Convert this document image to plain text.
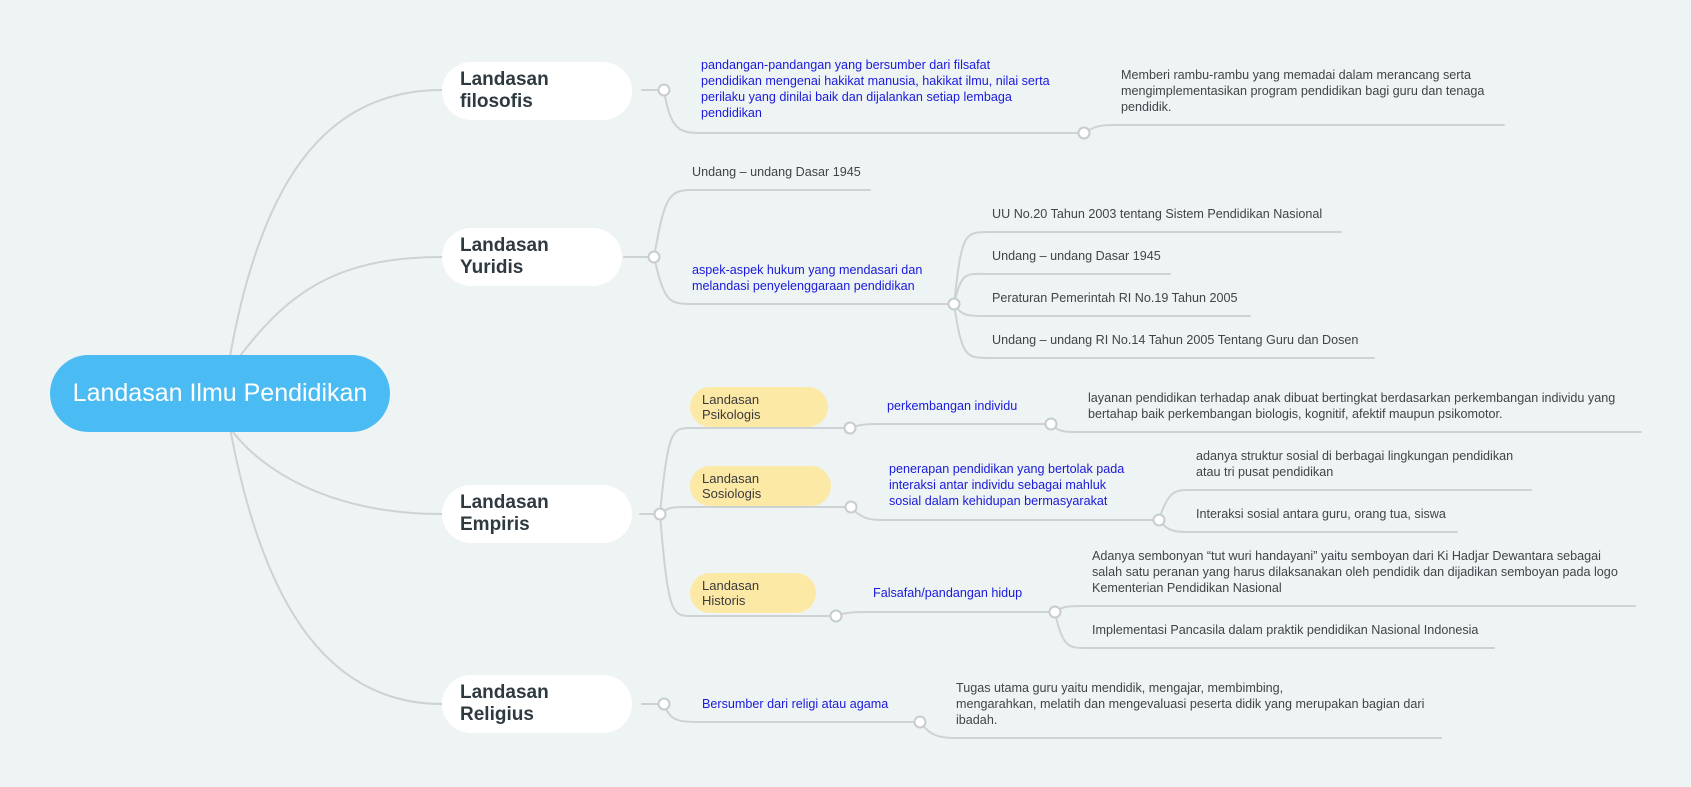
Landasan Ilmu Pendidikan
Landasan filosofis
pandangan-pandangan yang bersumber dari filsafat
pendidikan mengenai hakikat manusia, hakikat ilmu, nilai serta
perilaku yang dinilai baik dan dijalankan setiap lembaga
pendidikan
Memberi rambu-rambu yang memadai dalam merancang serta
mengimplementasikan program pendidikan bagi guru dan tenaga
pendidik.
Landasan Yuridis
Undang – undang Dasar 1945
aspek-aspek hukum yang mendasari dan
melandasi penyelenggaraan pendidikan
UU No.20 Tahun 2003 tentang Sistem Pendidikan Nasional
Undang – undang Dasar 1945
Peraturan Pemerintah RI No.19 Tahun 2005
Undang – undang RI No.14 Tahun 2005 Tentang Guru dan Dosen
Landasan Empiris
Landasan Psikologis
perkembangan individu
layanan pendidikan terhadap anak dibuat bertingkat berdasarkan perkembangan individu yang
bertahap baik perkembangan biologis, kognitif, afektif maupun psikomotor.
Landasan Sosiologis
penerapan pendidikan yang bertolak pada
interaksi antar individu sebagai mahluk
sosial dalam kehidupan bermasyarakat
adanya struktur sosial di berbagai lingkungan pendidikan
atau tri pusat pendidikan
Interaksi sosial antara guru, orang tua, siswa
Landasan Historis	Falsafah/pandangan hidup
Adanya sembonyan “tut wuri handayani” yaitu semboyan dari Ki Hadjar Dewantara sebagai
salah satu peranan yang harus dilaksanakan oleh pendidik dan dijadikan semboyan pada logo
Kementerian Pendidikan Nasional
Implementasi Pancasila dalam praktik pendidikan Nasional Indonesia
Landasan Religius	Bersumber dari religi atau agama
Tugas utama guru yaitu mendidik, mengajar, membimbing,
mengarahkan, melatih dan mengevaluasi peserta didik yang merupakan bagian dari
ibadah.
